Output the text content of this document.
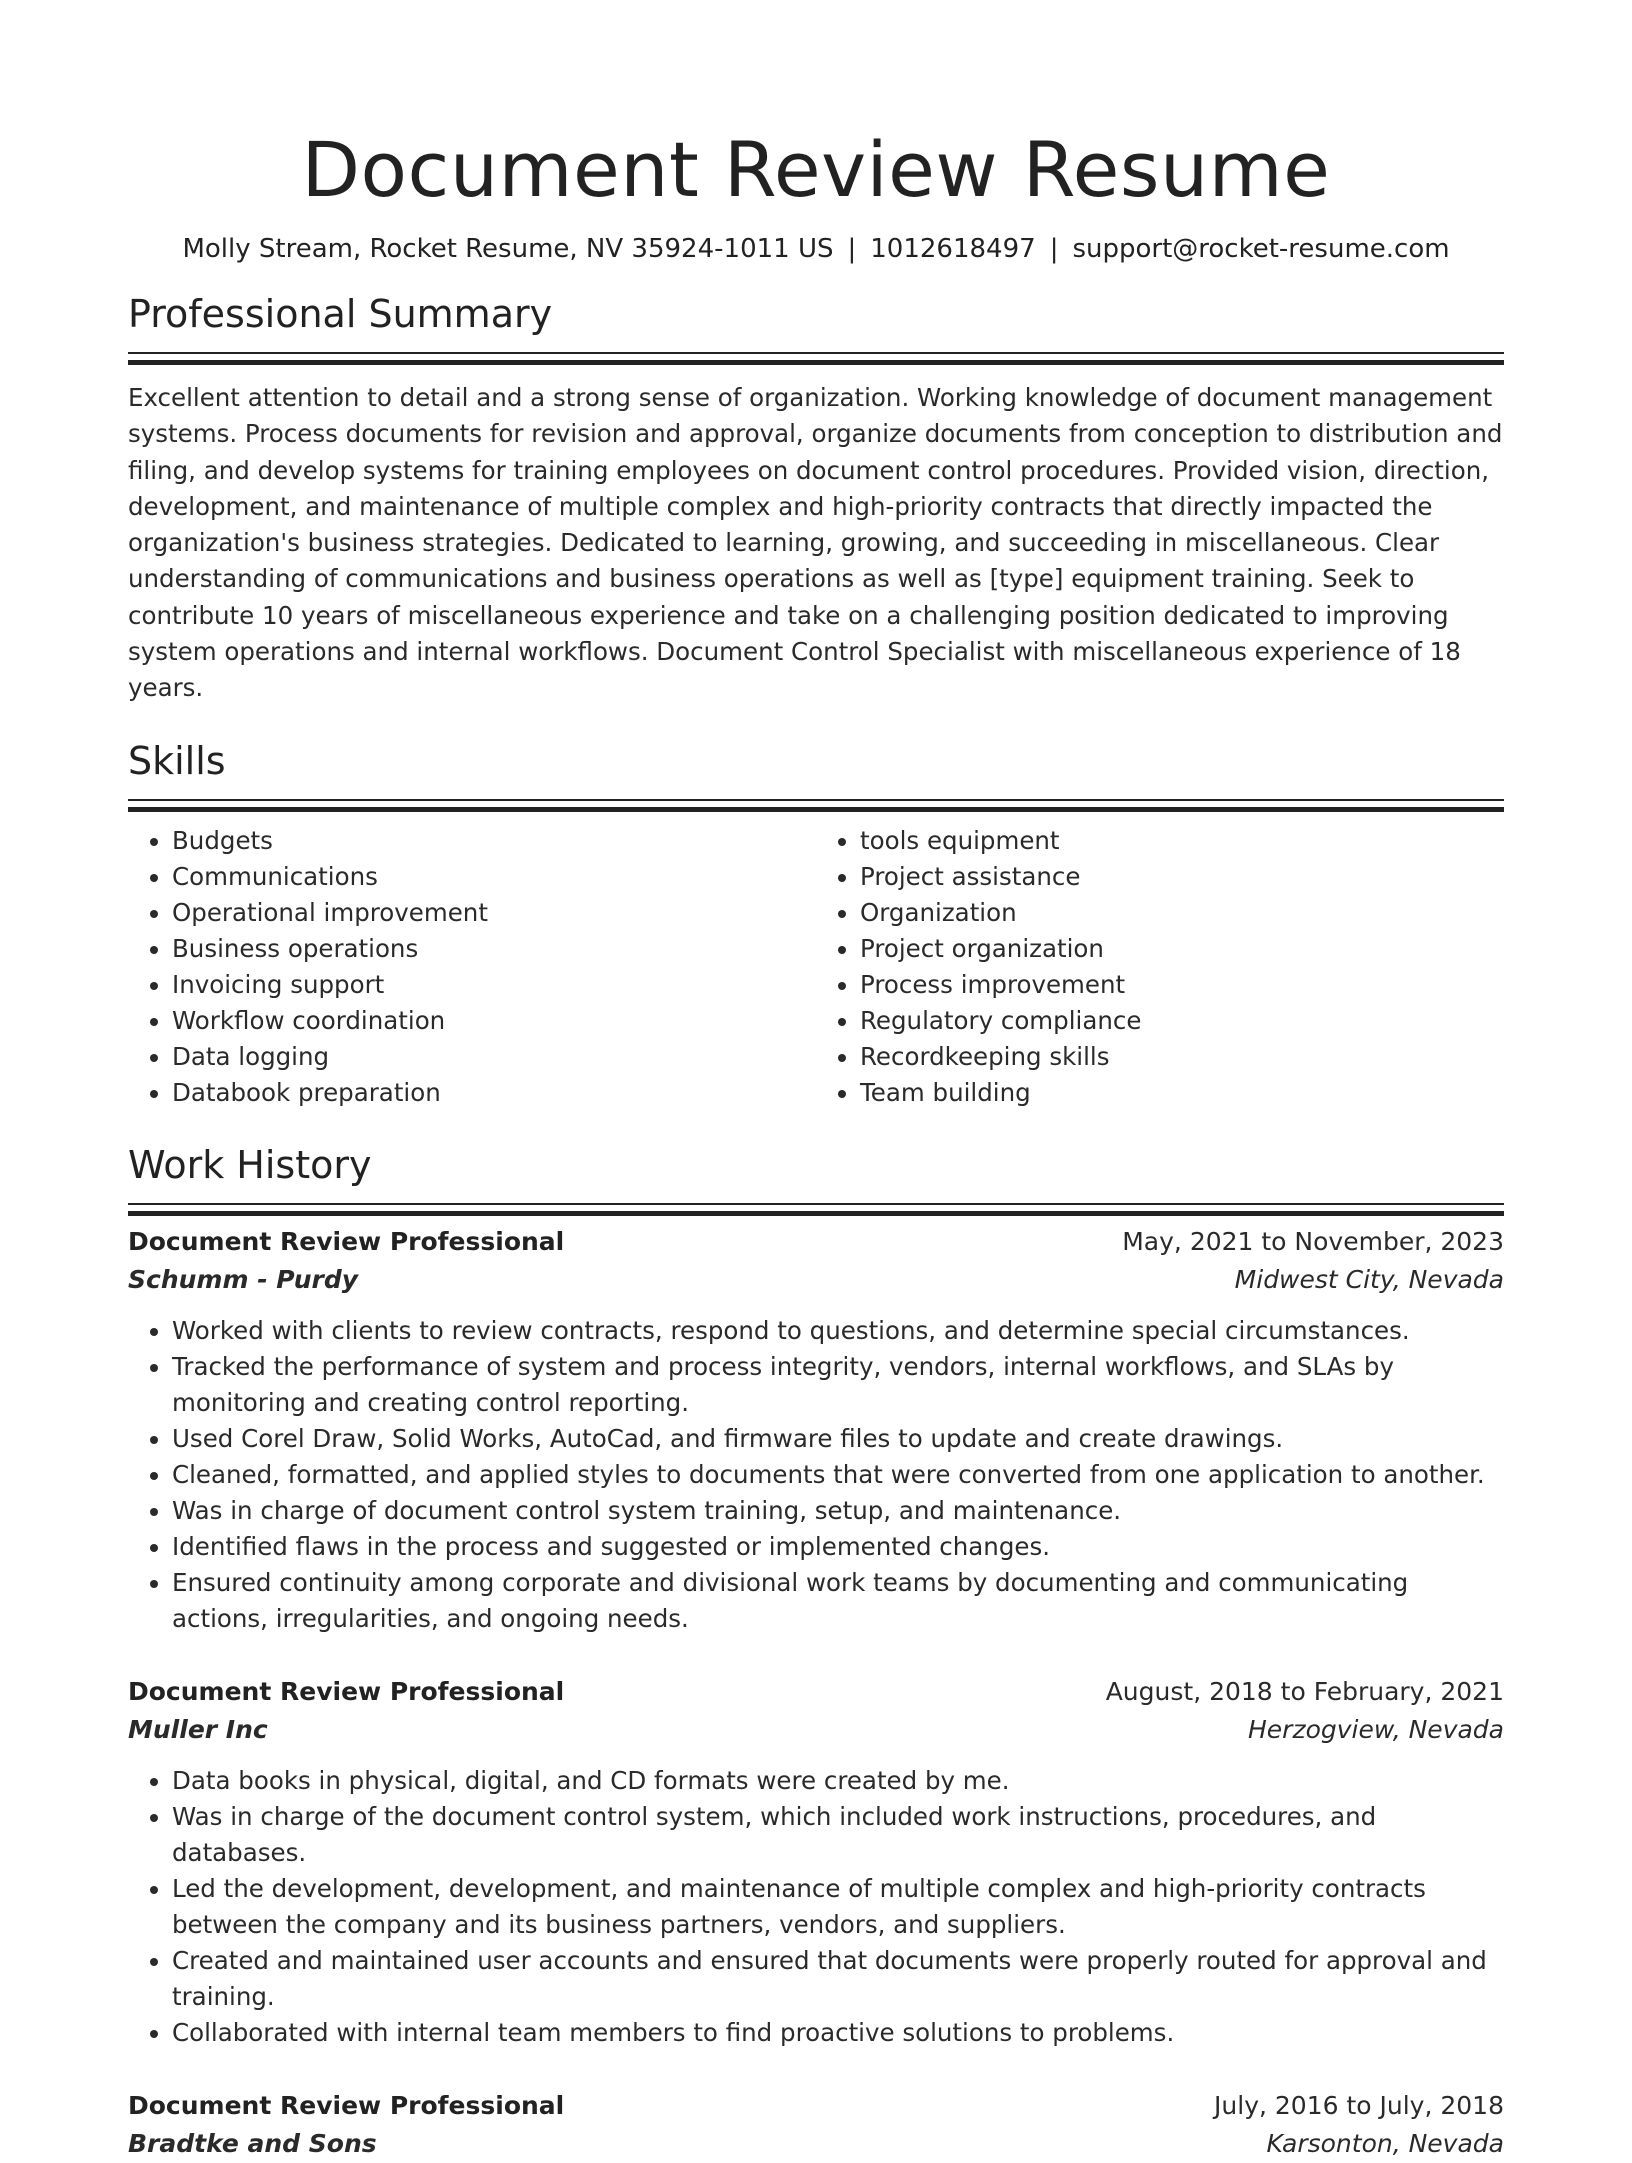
Document Review Resume
Molly Stream, Rocket Resume, NV 35924-1011 US | 1012618497 | support@rocket-resume.com
Professional Summary

Excellent attention to detail and a strong sense of organization. Working knowledge of document management systems. Process documents for revision and approval, organize documents from conception to distribution and filing, and develop systems for training employees on document control procedures. Provided vision, direction, development, and maintenance of multiple complex and high-priority contracts that directly impacted the organization's business strategies. Dedicated to learning, growing, and succeeding in miscellaneous. Clear understanding of communications and business operations as well as [type] equipment training. Seek to contribute 10 years of miscellaneous experience and take on a challenging position dedicated to improving system operations and internal workflows. Document Control Specialist with miscellaneous experience of 18 years.

Skills
• Budgets
• Communications
• Operational improvement
• Business operations
• Invoicing support
• Workflow coordination
• Data logging
• Databook preparation
• tools equipment
• Project assistance
• Organization
• Project organization
• Process improvement
• Regulatory compliance
• Recordkeeping skills
• Team building
Work History
Document Review Professional	May, 2021 to November, 2023
Schumm - Purdy	Midwest City, Nevada
• Worked with clients to review contracts, respond to questions, and determine special circumstances.
• Tracked the performance of system and process integrity, vendors, internal workflows, and SLAs by monitoring and creating control reporting.
• Used Corel Draw, Solid Works, AutoCad, and firmware files to update and create drawings.
• Cleaned, formatted, and applied styles to documents that were converted from one application to another.
• Was in charge of document control system training, setup, and maintenance.
• Identified flaws in the process and suggested or implemented changes.
• Ensured continuity among corporate and divisional work teams by documenting and communicating actions, irregularities, and ongoing needs.
Document Review Professional	August, 2018 to February, 2021
Muller Inc	Herzogview, Nevada
• Data books in physical, digital, and CD formats were created by me.
• Was in charge of the document control system, which included work instructions, procedures, and databases.
• Led the development, development, and maintenance of multiple complex and high-priority contracts between the company and its business partners, vendors, and suppliers.
• Created and maintained user accounts and ensured that documents were properly routed for approval and training.
• Collaborated with internal team members to find proactive solutions to problems.
Document Review Professional	July, 2016 to July, 2018
Bradtke and Sons	Karsonton, Nevada
